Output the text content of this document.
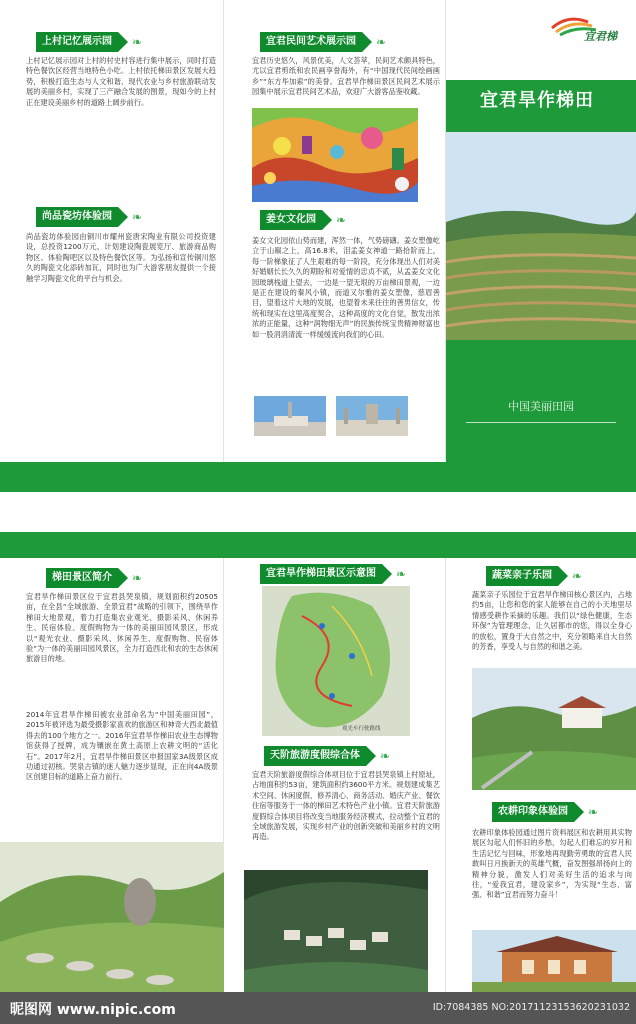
上村记忆展示园	❧
上村记忆展示园对上村的村史村容进行集中展示，同时打造特色餐饮区经营当地特色小吃。上村依托梯田景区发展大趋势，积极打造生态与人文和谐、现代农业与乡村旅游联动发展的美丽乡村，实现了三产融合发展的图景，现如今的上村正在建设美丽乡村的道路上阔步前行。
尚品瓷坊体验园	❧
尚品瓷坊体验园由铜川市耀州瓷唐宋陶业有限公司投资建设，总投资1200万元，计划建设陶瓷展览厅、旅游商品购物区、体验陶吧区以及特色餐饮区等。为弘扬和宣传铜川悠久的陶瓷文化添砖加瓦，同时也为广大游客朋友提供一个接触学习陶瓷文化的平台与机会。
宜君民间艺术展示园	❧
宜君历史悠久，风景优美，人文荟萃，民间艺术颇具特色，尤以宜君剪纸和农民画享誉海外，有“中国现代民间绘画画乡”“东方毕加索”的美誉。宜君旱作梯田景区民间艺术展示园集中展示宜君民间艺术品，欢迎广大游客品鉴收藏。
姜女文化园	❧
姜女文化园依山势而建，浑然一体，气势磅礴。姜女塑像屹立于山巅之上，高16.8米，泪孟姜女神道一路拾阶而上，每一阶梯象征了人生艰难的每一阶段，充分体现出人们对美好婚姻长长久久的期盼和对爱情的忠贞不贰，从孟姜女文化园玻璃栈道上望去，一边是一望无垠的万亩梯田景观，一边是正在建设的秦风小镇，而道又尔雅的姜女塑像，慈眉善目，望着这片大地的发展，也望着未来往往的善男信女，传统和现实在这里高度契合，这种高度的文化自觉，散发出浓浓的正能量，这种“润物细无声”的民族传统宝贵精神财富也如一股涓涓清流一样缓缓流向我们的心田。
宜君梯
宜君旱作梯田
中国美丽田园
梯田景区简介	❧
宜君旱作梯田景区位于宜君县哭泉镇，规划面积约20505亩，在全县“全域旅游、全景宜君”战略的引领下，围绕旱作梯田大地景观，着力打造集农业观光、摄影采风、休闲养生、民宿体验、度假购物为一体的美丽田园风景区，形成以“观光农业、摄影采风、休闲养生、度假购物、民宿体验”为一体的美丽田园风景区，全力打造西北和农的生态休闲旅游目的地。
2014年宜君旱作梯田被农业部命名为“中国美丽田园”，2015年被评选为最受摄影家喜欢的旅游区和神奇大西北最值得去的100个地方之一。2016年宜君旱作梯田农业生态博物馆获得了授牌，成为镶嵌在黄土高原上农耕文明的“活化石”。2017年2月，宜君旱作梯田景区申报国家3A级景区成功通过初核。哭泉古镇的迷人魅力逐步显现，正在向4A级景区创建目标的道路上奋力前行。
宜君旱作梯田景区示意图	❧
观光车行驶路线
天阶旅游度假综合体	❧
宜君天阶旅游度假综合体项目位于宜君县哭泉镇上村原址，占地面积约53亩，建筑面积约3600平方米。规划建成集艺术空间、休闲度假、修养清心、商务活动、婚庆产业、餐饮住宿等服务于一体的梯田艺术特色产业小镇。宜君天阶旅游度假综合体项目将改变当地服务经济模式，拉动整个宜君的全域旅游发展，实现乡村产业的创新突破和美丽乡村的文明再造。
蔬菜亲子乐园	❧
蔬菜亲子乐园位于宜君旱作梯田核心景区内，占地约5亩，让您和您的家人能够在自己的小天地里尽情感受耕作采摘的乐趣。我们以“绿色健康，生态环保”为管理理念，让久居都市的您，得以全身心的放松，置身于大自然之中，充分领略来自大自然的芳香，享受人与自然的和谐之美。
农耕印象体验园	❧
农耕印象体验园通过图片资料展区和农耕用具实物展区勾起人们怀旧的乡愁，勾起人们难忘的岁月和生活记忆与回味，形象地再现勤劳勇敢的宜君人民敢叫日月换新天的英雄气概，奋发图强昂扬向上的精神分貌，激发人们对美好生活的追求与向往，“爱我宜君，建设家乡”，为实现“生态、富强、和谐”宜君而努力奋斗！
昵图网 www.nipic.com	ID:7084385 NO:20171123153620231032
